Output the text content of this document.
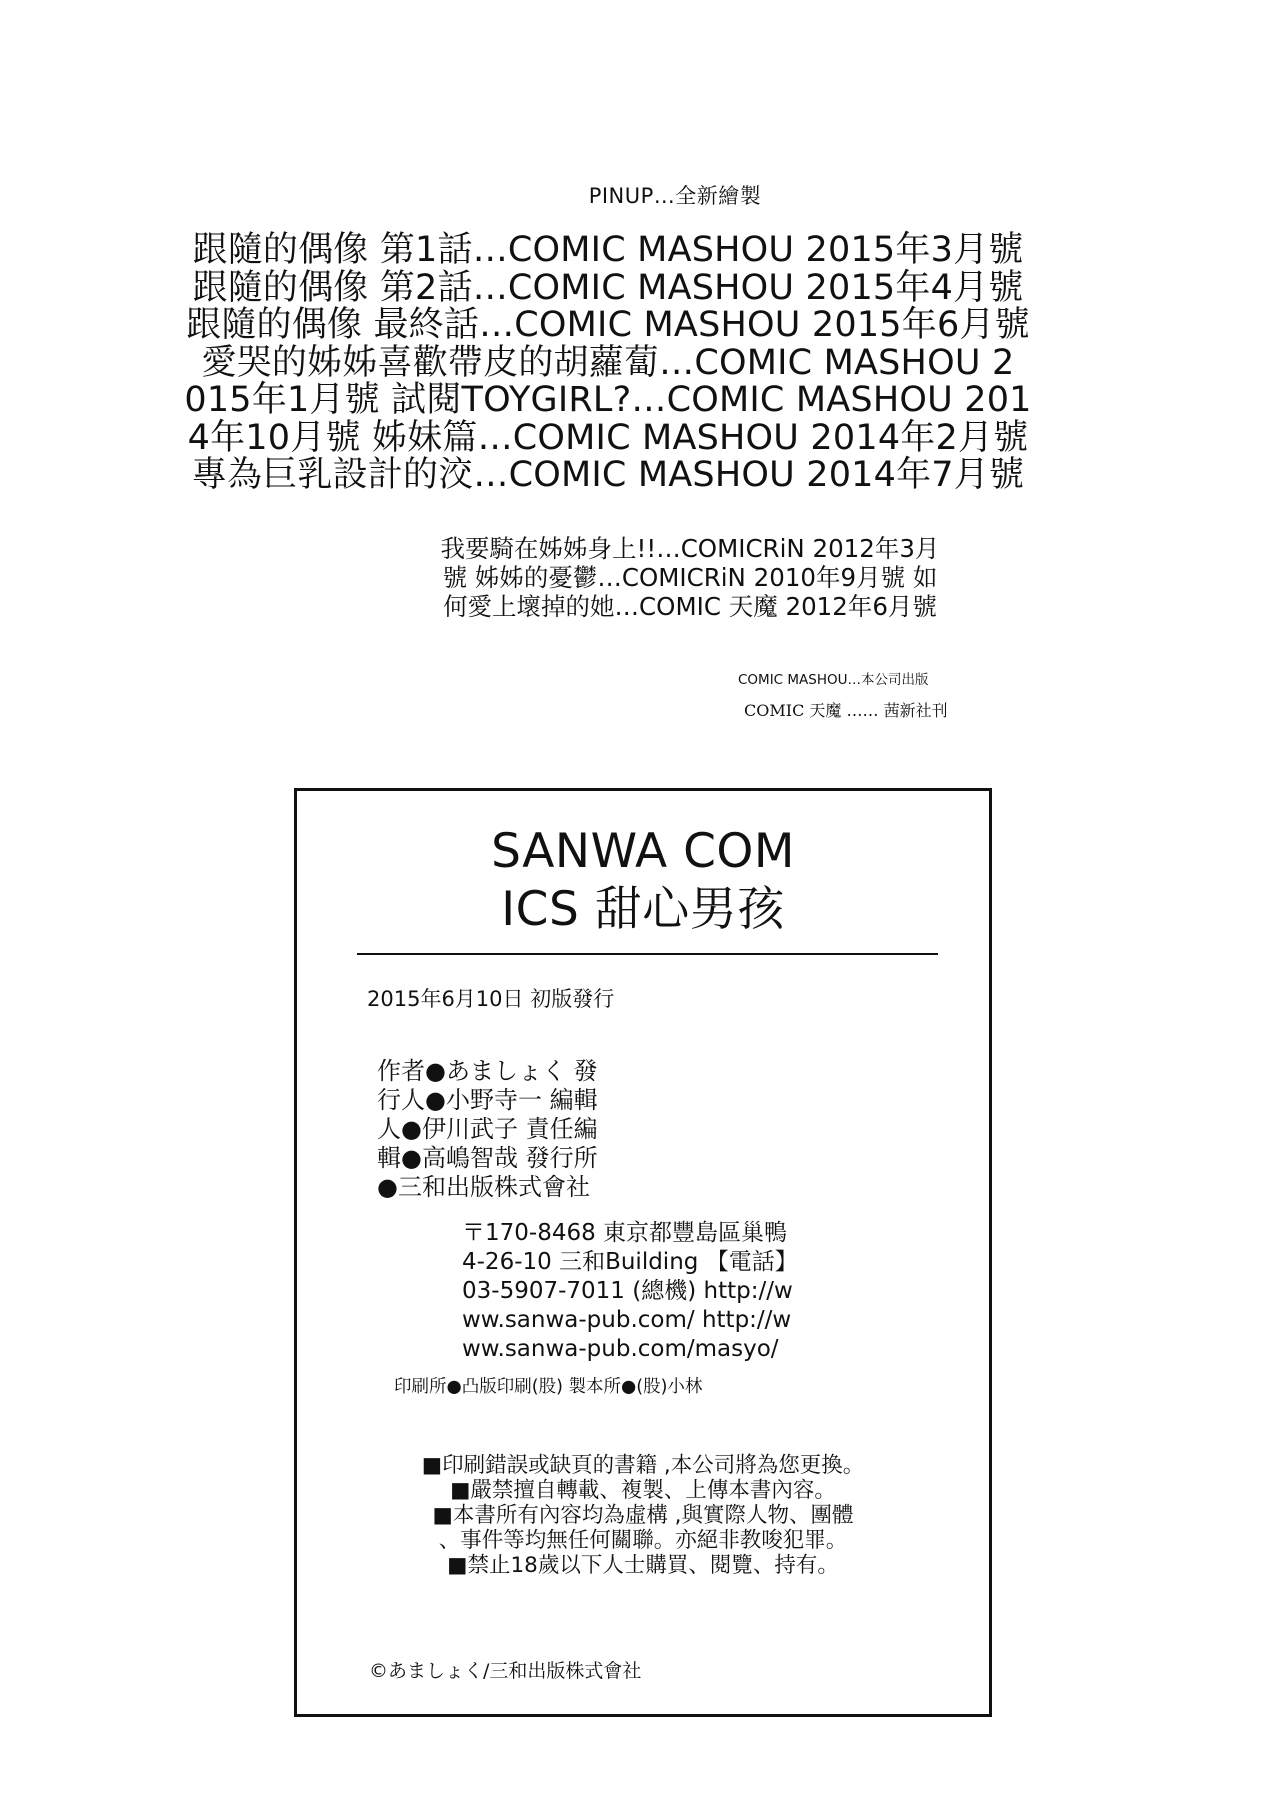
PINUP…全新繪製
跟隨的偶像 第1話…COMIC MASHOU 2015年3月號
跟隨的偶像 第2話…COMIC MASHOU 2015年4月號
跟隨的偶像 最終話…COMIC MASHOU 2015年6月號
愛哭的姊姊喜歡帶皮的胡蘿蔔…COMIC MASHOU 2
015年1月號 試閱TOYGIRL?…COMIC MASHOU 201
4年10月號 姊妹篇…COMIC MASHOU 2014年2月號
專為巨乳設計的洨…COMIC MASHOU 2014年7月號
我要騎在姊姊身上!!…COMICRiN 2012年3月
號 姊姊的憂鬱…COMICRiN 2010年9月號 如
何愛上壞掉的她…COMIC 天魔 2012年6月號
COMIC MASHOU…本公司出版
COMIC 天魔 …… 茜新社刊
SANWA COM
ICS 甜心男孩
2015年6月10日 初版發行
作者●あましょく 發
行人●小野寺一 編輯
人●伊川武子 責任編
輯●高嶋智哉 發行所
●三和出版株式會社
〒170-8468 東京都豐島區巢鴨
4-26-10 三和Building 【電話】
03-5907-7011 (總機) http://w
ww.sanwa-pub.com/ http://w
ww.sanwa-pub.com/masyo/
印刷所●凸版印刷(股) 製本所●(股)小林
■印刷錯誤或缺頁的書籍 ,本公司將為您更換。
■嚴禁擅自轉載、複製、上傳本書內容。
■本書所有內容均為虛構 ,與實際人物、團體
、事件等均無任何關聯。亦絕非教唆犯罪。
■禁止18歲以下人士購買、閱覽、持有。
©あましょく/三和出版株式會社
